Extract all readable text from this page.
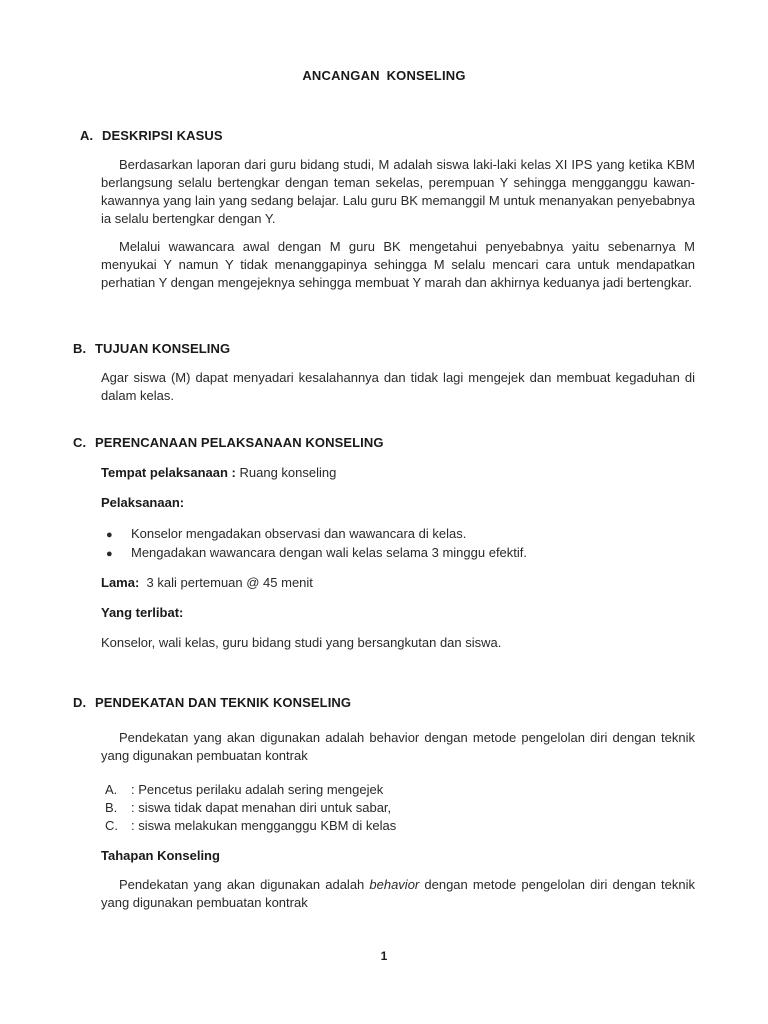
ANCANGAN KONSELING
A. DESKRIPSI KASUS
Berdasarkan laporan dari guru bidang studi, M adalah siswa laki-laki kelas XI IPS yang ketika KBM berlangsung selalu bertengkar dengan teman sekelas, perempuan Y sehingga mengganggu kawan-kawannya yang lain yang sedang belajar. Lalu guru BK memanggil M untuk menanyakan penyebabnya ia selalu bertengkar dengan Y.
Melalui wawancara awal dengan M guru BK mengetahui penyebabnya yaitu sebenarnya M menyukai Y namun Y tidak menanggapinya sehingga M selalu mencari cara untuk mendapatkan perhatian Y dengan mengejeknya sehingga membuat Y marah dan akhirnya keduanya jadi bertengkar.
B. TUJUAN KONSELING
Agar siswa (M) dapat menyadari kesalahannya dan tidak lagi mengejek dan membuat kegaduhan di dalam kelas.
C. PERENCANAAN PELAKSANAAN KONSELING
Tempat pelaksanaan : Ruang konseling
Pelaksanaan:
● Konselor mengadakan observasi dan wawancara di kelas.
● Mengadakan wawancara dengan wali kelas selama 3 minggu efektif.
Lama:  3 kali pertemuan @ 45 menit
Yang terlibat:
Konselor, wali kelas, guru bidang studi yang bersangkutan dan siswa.
D. PENDEKATAN DAN TEKNIK KONSELING
Pendekatan yang akan digunakan adalah behavior dengan metode pengelolan diri dengan teknik yang digunakan pembuatan kontrak
A. : Pencetus perilaku adalah sering mengejek
B. : siswa tidak dapat menahan diri untuk sabar,
C. : siswa melakukan mengganggu KBM di kelas
Tahapan Konseling
Pendekatan yang akan digunakan adalah behavior dengan metode pengelolan diri dengan teknik yang digunakan pembuatan kontrak
1
